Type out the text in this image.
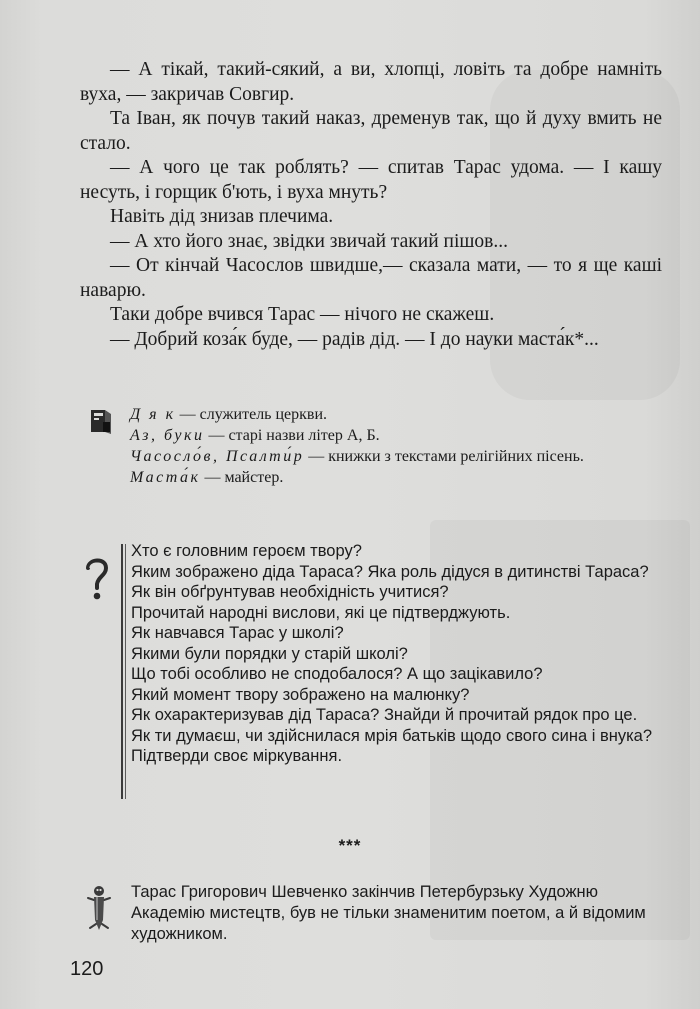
— А тікай, такий-сякий, а ви, хлопці, ловіть та добре намніть вуха, — закричав Совгир.

Та Іван, як почув такий наказ, дременув так, що й духу вмить не стало.

— А чого це так роблять? — спитав Тарас удома. — І кашу несуть, і горщик б'ють, і вуха мнуть?

Навіть дід знизав плечима.

— А хто його знає, звідки звичай такий пішов...

— От кінчай Часослов швидше,— сказала мати, — то я ще каші наварю.

Таки добре вчився Тарас — нічого не скажеш.

— Добрий коза́к буде, — радів дід. — І до науки маста́к*...

Д я к — служитель церкви.

Аз, буки — старі назви літер А, Б.

Часосло́в, Псалти́р — книжки з текстами релігійних пісень.

Маста́к — майстер.

Хто є головним героєм твору?

Яким зображено діда Тараса? Яка роль дідуся в дитинстві Тараса? Як він обґрунтував необхідність учитися?

Прочитай народні вислови, які це підтверджують.

Як навчався Тарас у школі?

Якими були порядки у старій школі?

Що тобі особливо не сподобалося? А що зацікавило?

Який момент твору зображено на малюнку?

Як охарактеризував дід Тараса? Знайди й прочитай рядок про це.

Як ти думаєш, чи здійснилася мрія батьків щодо свого сина і внука? Підтверди своє міркування.

***

Тарас Григорович Шевченко закінчив Петербурзьку Художню Академію мистецтв, був не тільки знаменитим поетом, а й відомим художником.

120
